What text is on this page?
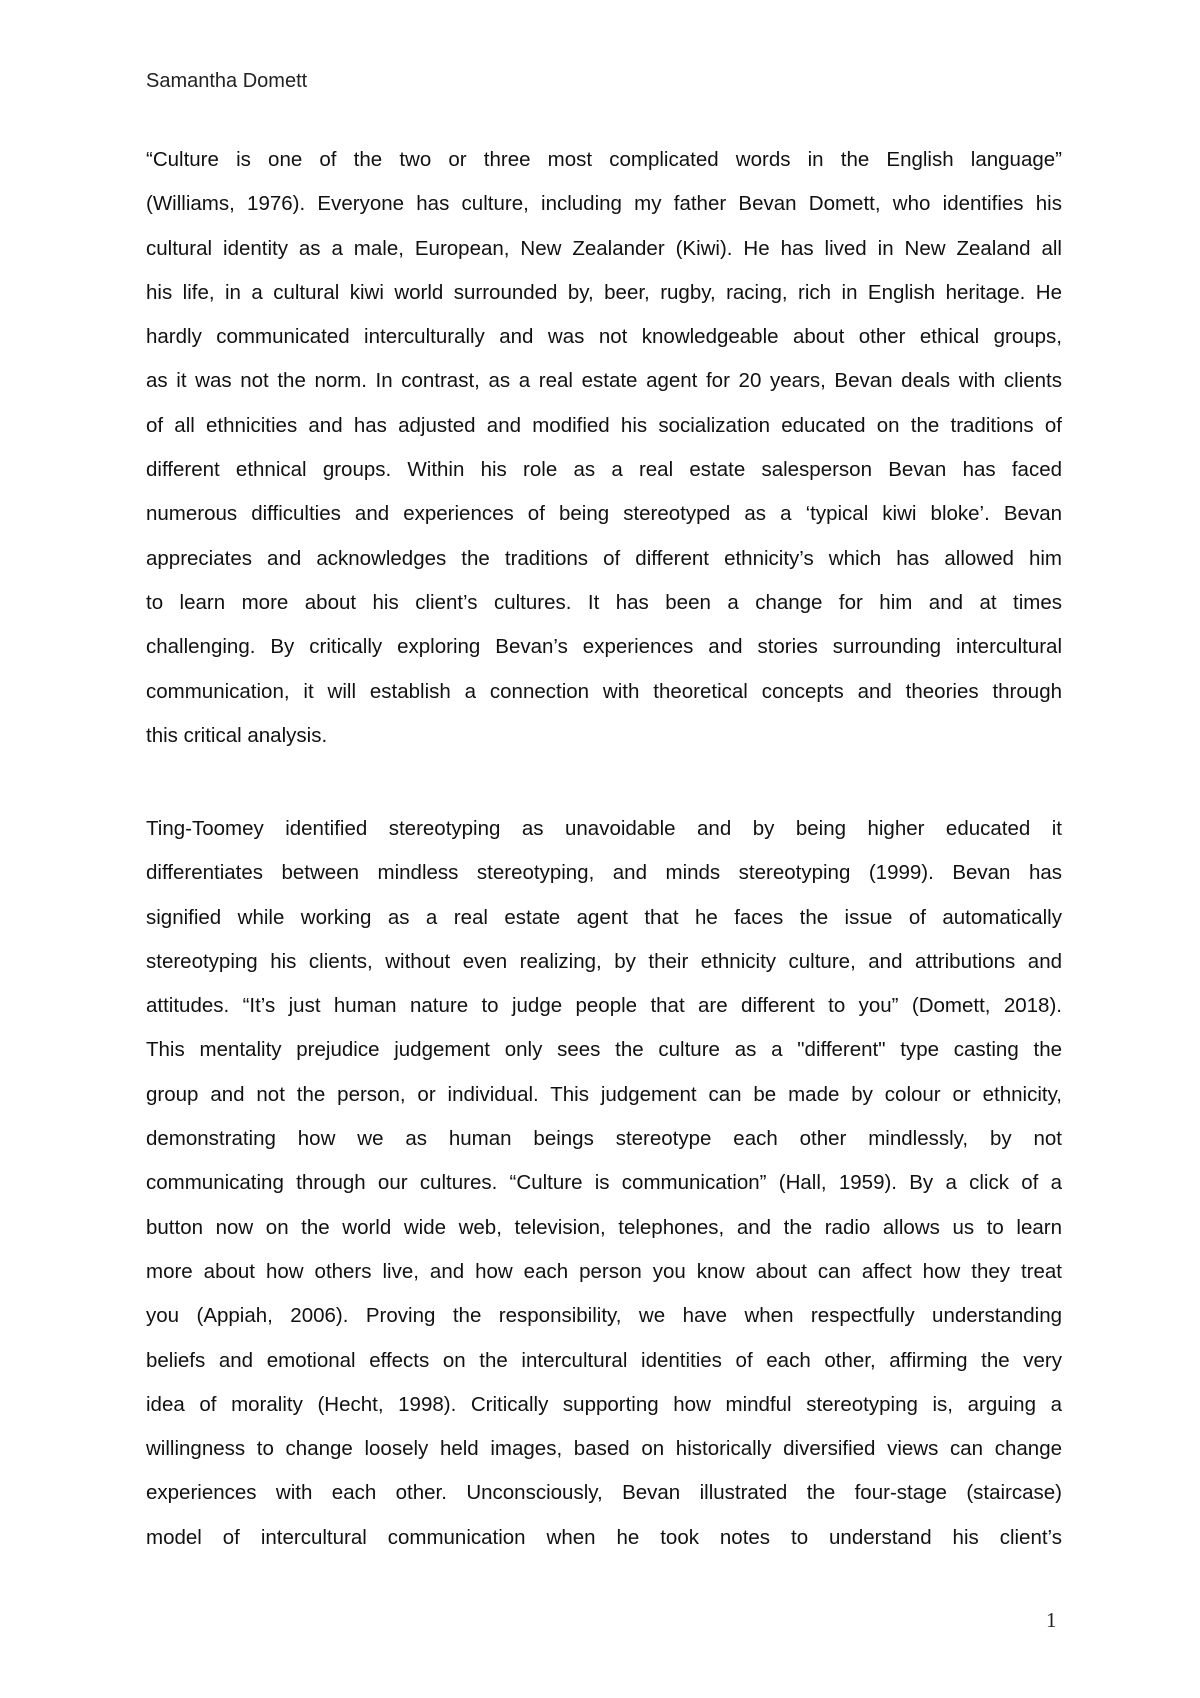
Samantha Domett

“Culture is one of the two or three most complicated words in the English language”
(Williams, 1976). Everyone has culture, including my father Bevan Domett, who identifies his
cultural identity as a male, European, New Zealander (Kiwi). He has lived in New Zealand all
his life, in a cultural kiwi world surrounded by, beer, rugby, racing, rich in English heritage. He
hardly communicated interculturally and was not knowledgeable about other ethical groups,
as it was not the norm. In contrast, as a real estate agent for 20 years, Bevan deals with clients
of all ethnicities and has adjusted and modified his socialization educated on the traditions of
different ethnical groups. Within his role as a real estate salesperson Bevan has faced
numerous difficulties and experiences of being stereotyped as a ‘typical kiwi bloke’. Bevan
appreciates and acknowledges the traditions of different ethnicity’s which has allowed him
to learn more about his client’s cultures. It has been a change for him and at times
challenging. By critically exploring Bevan’s experiences and stories surrounding intercultural
communication, it will establish a connection with theoretical concepts and theories through
this critical analysis.
Ting-Toomey identified stereotyping as unavoidable and by being higher educated it
differentiates between mindless stereotyping, and minds stereotyping (1999). Bevan has
signified while working as a real estate agent that he faces the issue of automatically
stereotyping his clients, without even realizing, by their ethnicity culture, and attributions and
attitudes. “It’s just human nature to judge people that are different to you” (Domett, 2018).
This mentality prejudice judgement only sees the culture as a "different" type casting the
group and not the person, or individual. This judgement can be made by colour or ethnicity,
demonstrating how we as human beings stereotype each other mindlessly, by not
communicating through our cultures. “Culture is communication” (Hall, 1959). By a click of a
button now on the world wide web, television, telephones, and the radio allows us to learn
more about how others live, and how each person you know about can affect how they treat
you (Appiah, 2006). Proving the responsibility, we have when respectfully understanding
beliefs and emotional effects on the intercultural identities of each other, affirming the very
idea of morality (Hecht, 1998). Critically supporting how mindful stereotyping is, arguing a
willingness to change loosely held images, based on historically diversified views can change
experiences with each other. Unconsciously, Bevan illustrated the four-stage (staircase)
model of intercultural communication when he took notes to understand his client’s

1
